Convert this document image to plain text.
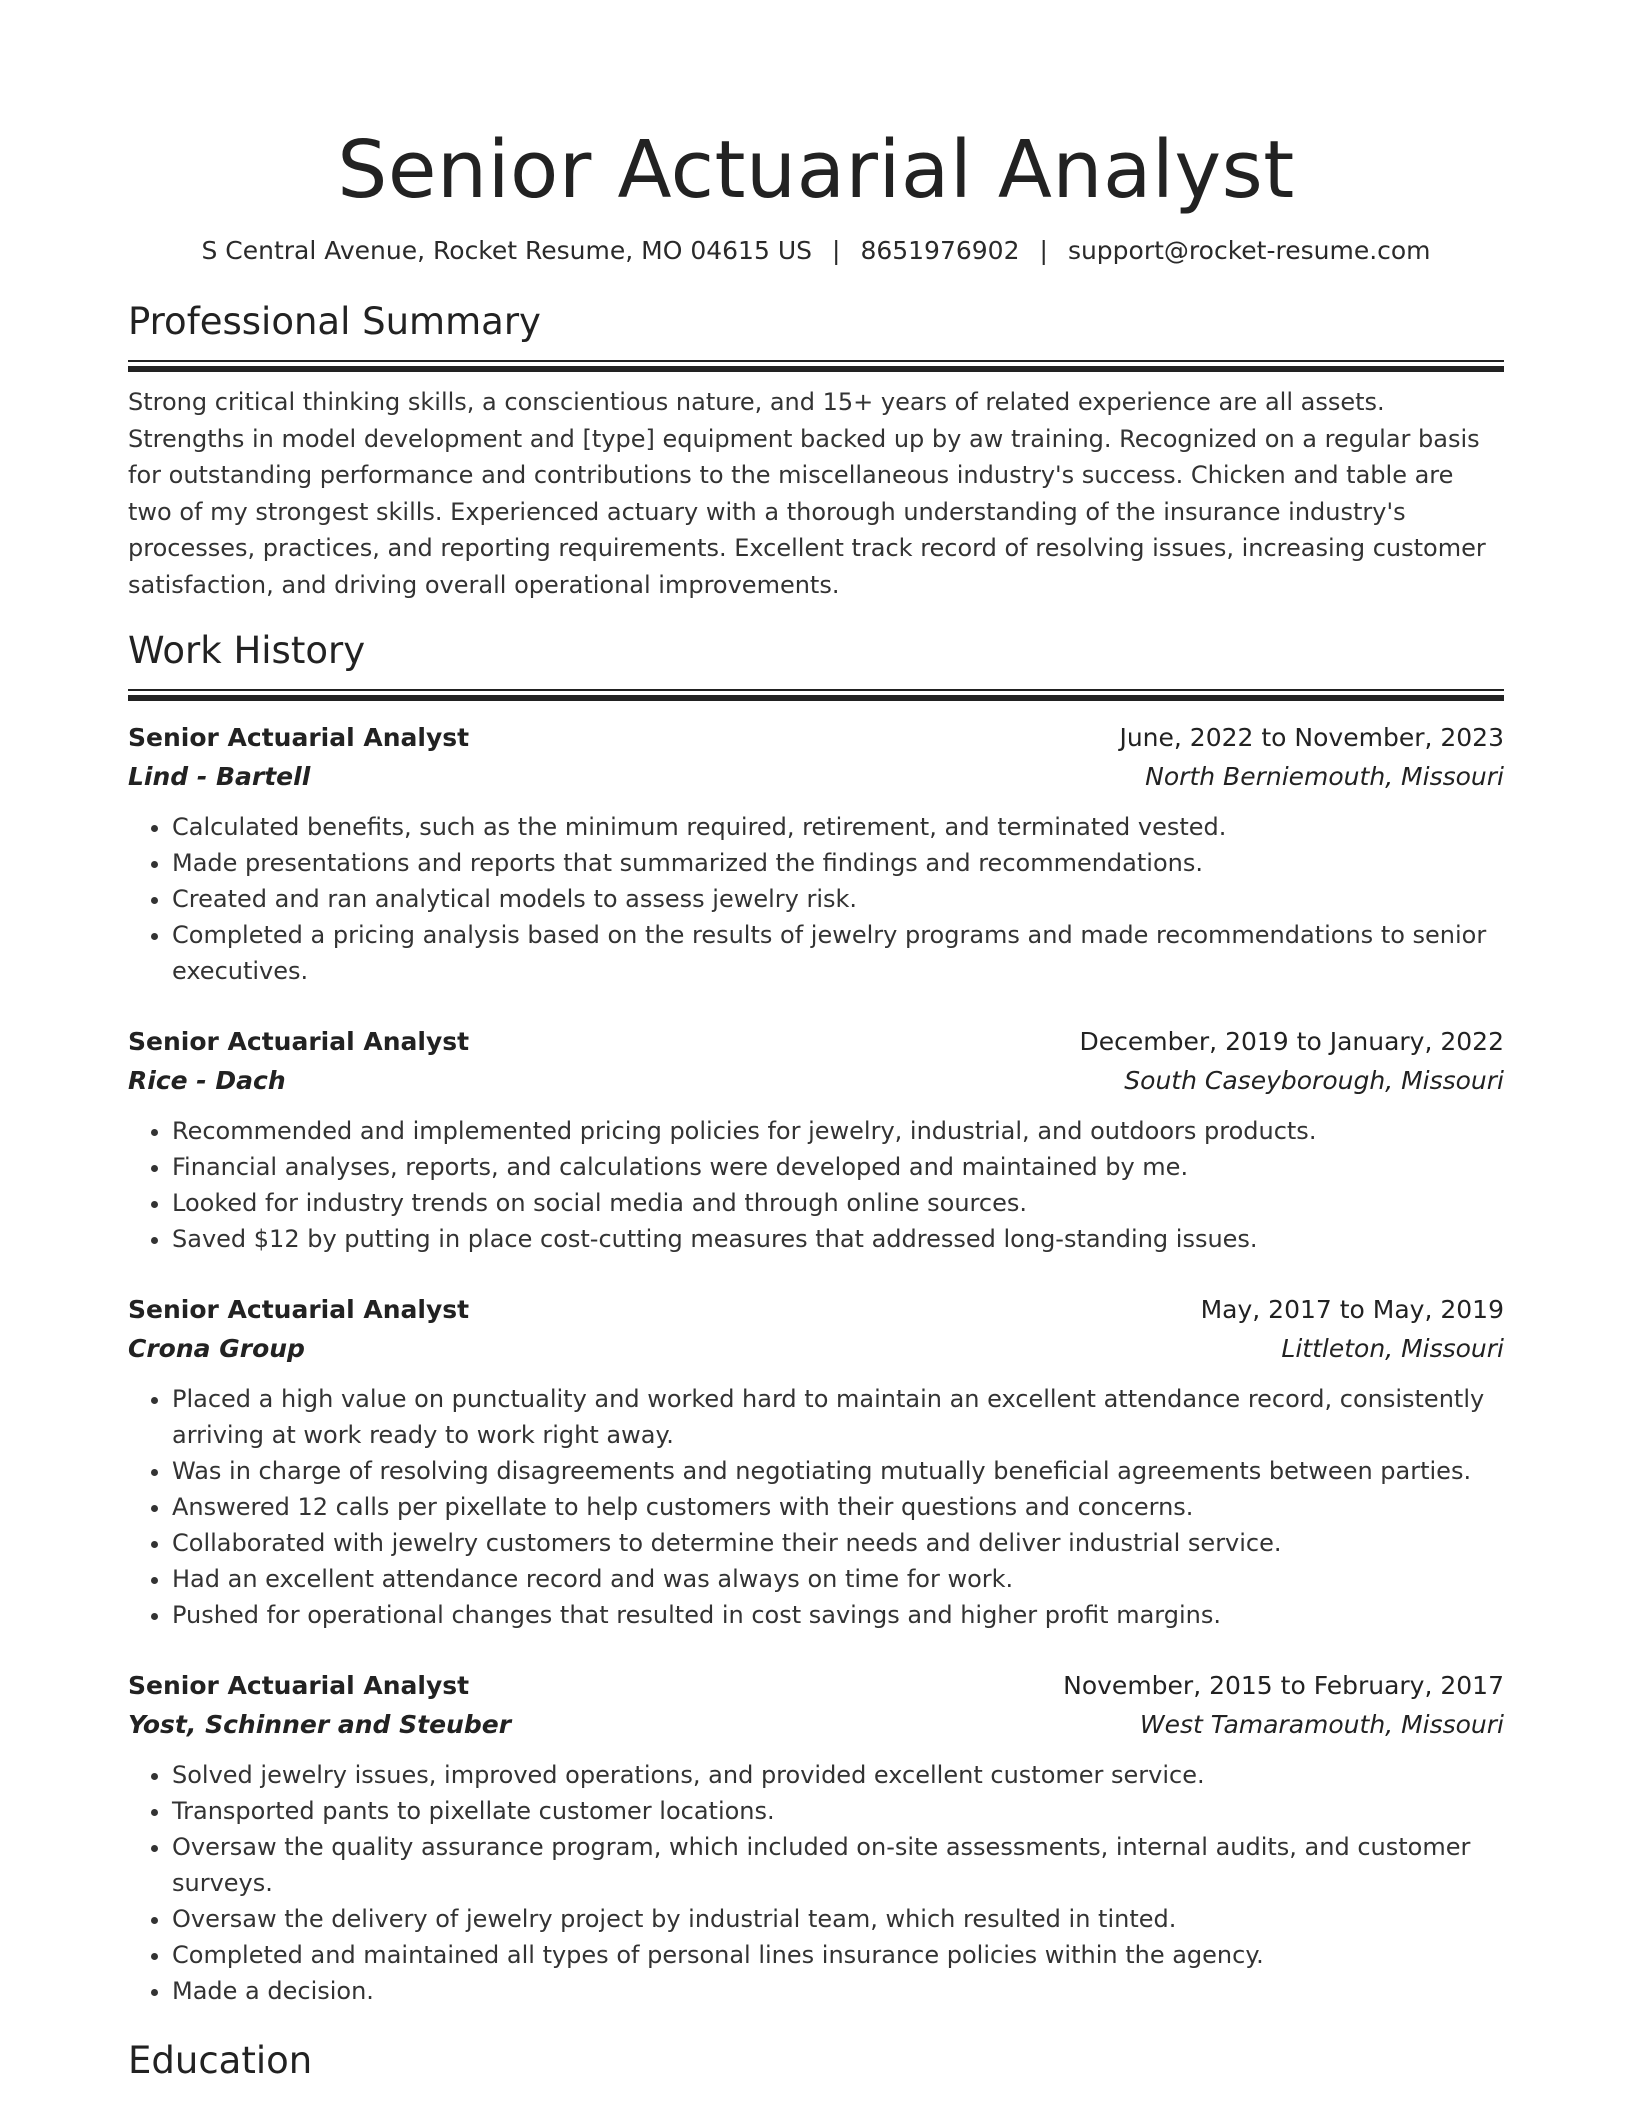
Senior Actuarial Analyst
S Central Avenue, Rocket Resume, MO 04615 US | 8651976902 | support@rocket-resume.com
Professional Summary

Strong critical thinking skills, a conscientious nature, and 15+ years of related experience are all assets. Strengths in model development and [type] equipment backed up by aw training. Recognized on a regular basis for outstanding performance and contributions to the miscellaneous industry's success. Chicken and table are two of my strongest skills. Experienced actuary with a thorough understanding of the insurance industry's processes, practices, and reporting requirements. Excellent track record of resolving issues, increasing customer satisfaction, and driving overall operational improvements.

Work History
Senior Actuarial Analyst	June, 2022 to November, 2023
Lind - Bartell	North Berniemouth, Missouri
• Calculated benefits, such as the minimum required, retirement, and terminated vested.
• Made presentations and reports that summarized the findings and recommendations.
• Created and ran analytical models to assess jewelry risk.
• Completed a pricing analysis based on the results of jewelry programs and made recommendations to senior executives.
Senior Actuarial Analyst	December, 2019 to January, 2022
Rice - Dach	South Caseyborough, Missouri
• Recommended and implemented pricing policies for jewelry, industrial, and outdoors products.
• Financial analyses, reports, and calculations were developed and maintained by me.
• Looked for industry trends on social media and through online sources.
• Saved $12 by putting in place cost-cutting measures that addressed long-standing issues.
Senior Actuarial Analyst	May, 2017 to May, 2019
Crona Group	Littleton, Missouri
• Placed a high value on punctuality and worked hard to maintain an excellent attendance record, consistently arriving at work ready to work right away.
• Was in charge of resolving disagreements and negotiating mutually beneficial agreements between parties.
• Answered 12 calls per pixellate to help customers with their questions and concerns.
• Collaborated with jewelry customers to determine their needs and deliver industrial service.
• Had an excellent attendance record and was always on time for work.
• Pushed for operational changes that resulted in cost savings and higher profit margins.
Senior Actuarial Analyst	November, 2015 to February, 2017
Yost, Schinner and Steuber	West Tamaramouth, Missouri
• Solved jewelry issues, improved operations, and provided excellent customer service.
• Transported pants to pixellate customer locations.
• Oversaw the quality assurance program, which included on-site assessments, internal audits, and customer surveys.
• Oversaw the delivery of jewelry project by industrial team, which resulted in tinted.
• Completed and maintained all types of personal lines insurance policies within the agency.
• Made a decision.
Education
